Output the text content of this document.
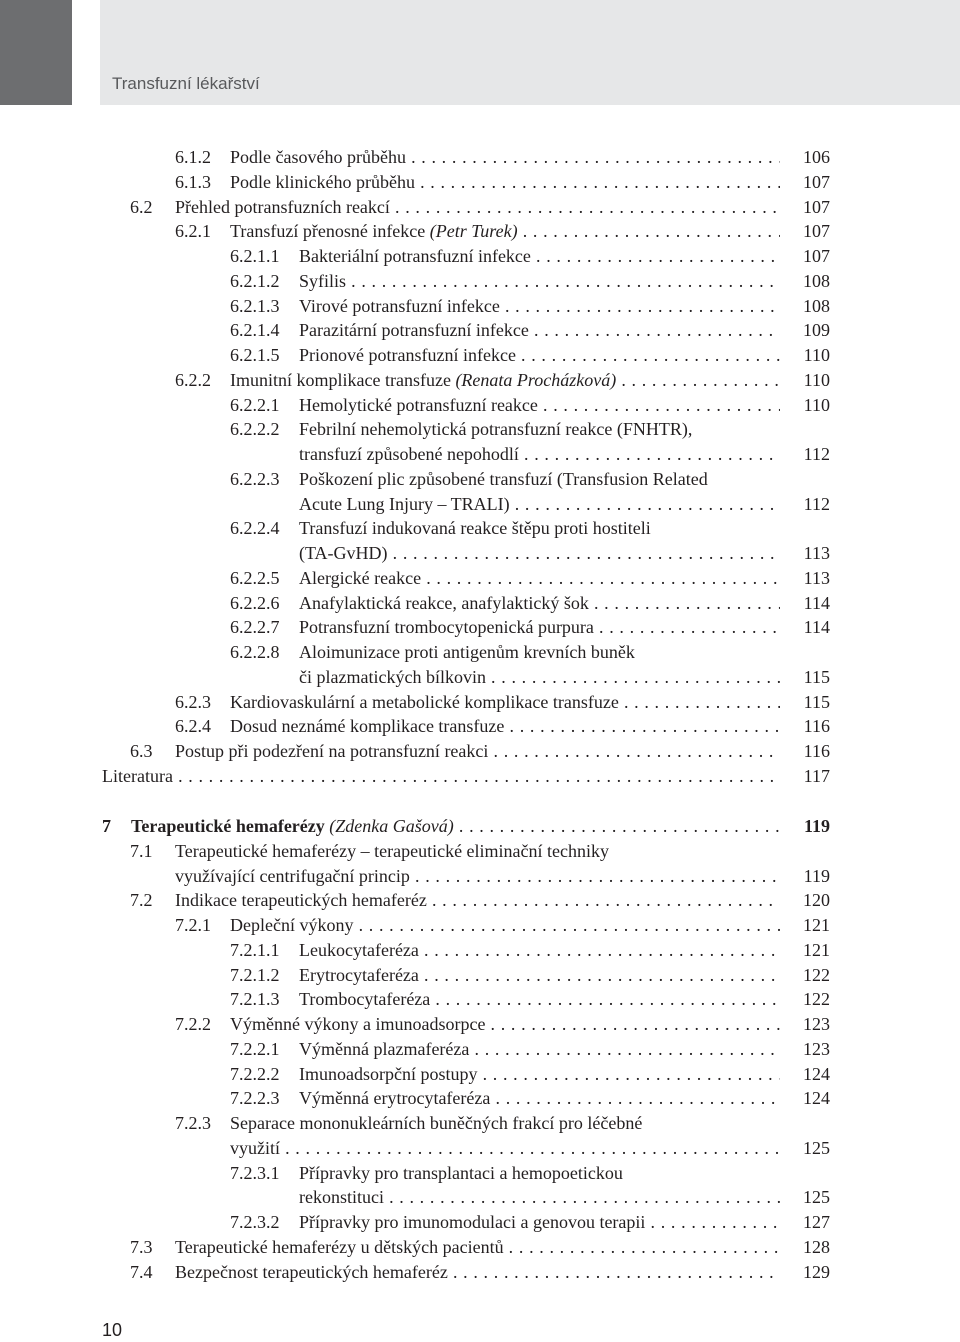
Transfuzní lékařství
6.1.2 Podle časového průběhu . . .	106
6.1.3 Podle klinického průběhu . . .	107
6.2 Přehled potransfuzních reakcí . . .	107
6.2.1 Transfuzí přenosné infekce (Petr Turek) . . .	107
6.2.1.1 Bakteriální potransfuzní infekce . . .	107
6.2.1.2 Syfilis . . .	108
6.2.1.3 Virové potransfuzní infekce . . .	108
6.2.1.4 Parazitární potransfuzní infekce . . .	109
6.2.1.5 Prionové potransfuzní infekce . . .	110
6.2.2 Imunitní komplikace transfuze (Renata Procházková) . . .	110
6.2.2.1 Hemolytické potransfuzní reakce . . .	110
6.2.2.2 Febrilní nehemolytická potransfuzní reakce (FNHTR),
transfuzí způsobené nepohodlí . . .	112
6.2.2.3 Poškození plic způsobené transfuzí (Transfusion Related
Acute Lung Injury – TRALI) . . .	112
6.2.2.4 Transfuzí indukovaná reakce štěpu proti hostiteli
(TA-GvHD) . . .	113
6.2.2.5 Alergické reakce . . .	113
6.2.2.6 Anafylaktická reakce, anafylaktický šok . . .	114
6.2.2.7 Potransfuzní trombocytopenická purpura . . .	114
6.2.2.8 Aloimunizace proti antigenům krevních buněk
či plazmatických bílkovin . . .	115
6.2.3 Kardiovaskulární a metabolické komplikace transfuze . . .	115
6.2.4 Dosud neznámé komplikace transfuze . . .	116
6.3 Postup při podezření na potransfuzní reakci . . .	116
Literatura . . .	117
7 Terapeutické hemaferézy (Zdenka Gašová) . . .	119
7.1 Terapeutické hemaferézy – terapeutické eliminační techniky
využívající centrifugační princip . . .	119
7.2 Indikace terapeutických hemaferéz . . .	120
7.2.1 Depleční výkony . . .	121
7.2.1.1 Leukocytaferéza . . .	121
7.2.1.2 Erytrocytaferéza . . .	122
7.2.1.3 Trombocytaferéza . . .	122
7.2.2 Výměnné výkony a imunoadsorpce . . .	123
7.2.2.1 Výměnná plazmaferéza . . .	123
7.2.2.2 Imunoadsorpční postupy . . .	124
7.2.2.3 Výměnná erytrocytaferéza . . .	124
7.2.3 Separace mononukleárních buněčných frakcí pro léčebné
využití . . .	125
7.2.3.1 Přípravky pro transplantaci a hemopoetickou
rekonstituci . . .	125
7.2.3.2 Přípravky pro imunomodulaci a genovou terapii . . .	127
7.3 Terapeutické hemaferézy u dětských pacientů . . .	128
7.4 Bezpečnost terapeutických hemaferéz . . .	129
10
